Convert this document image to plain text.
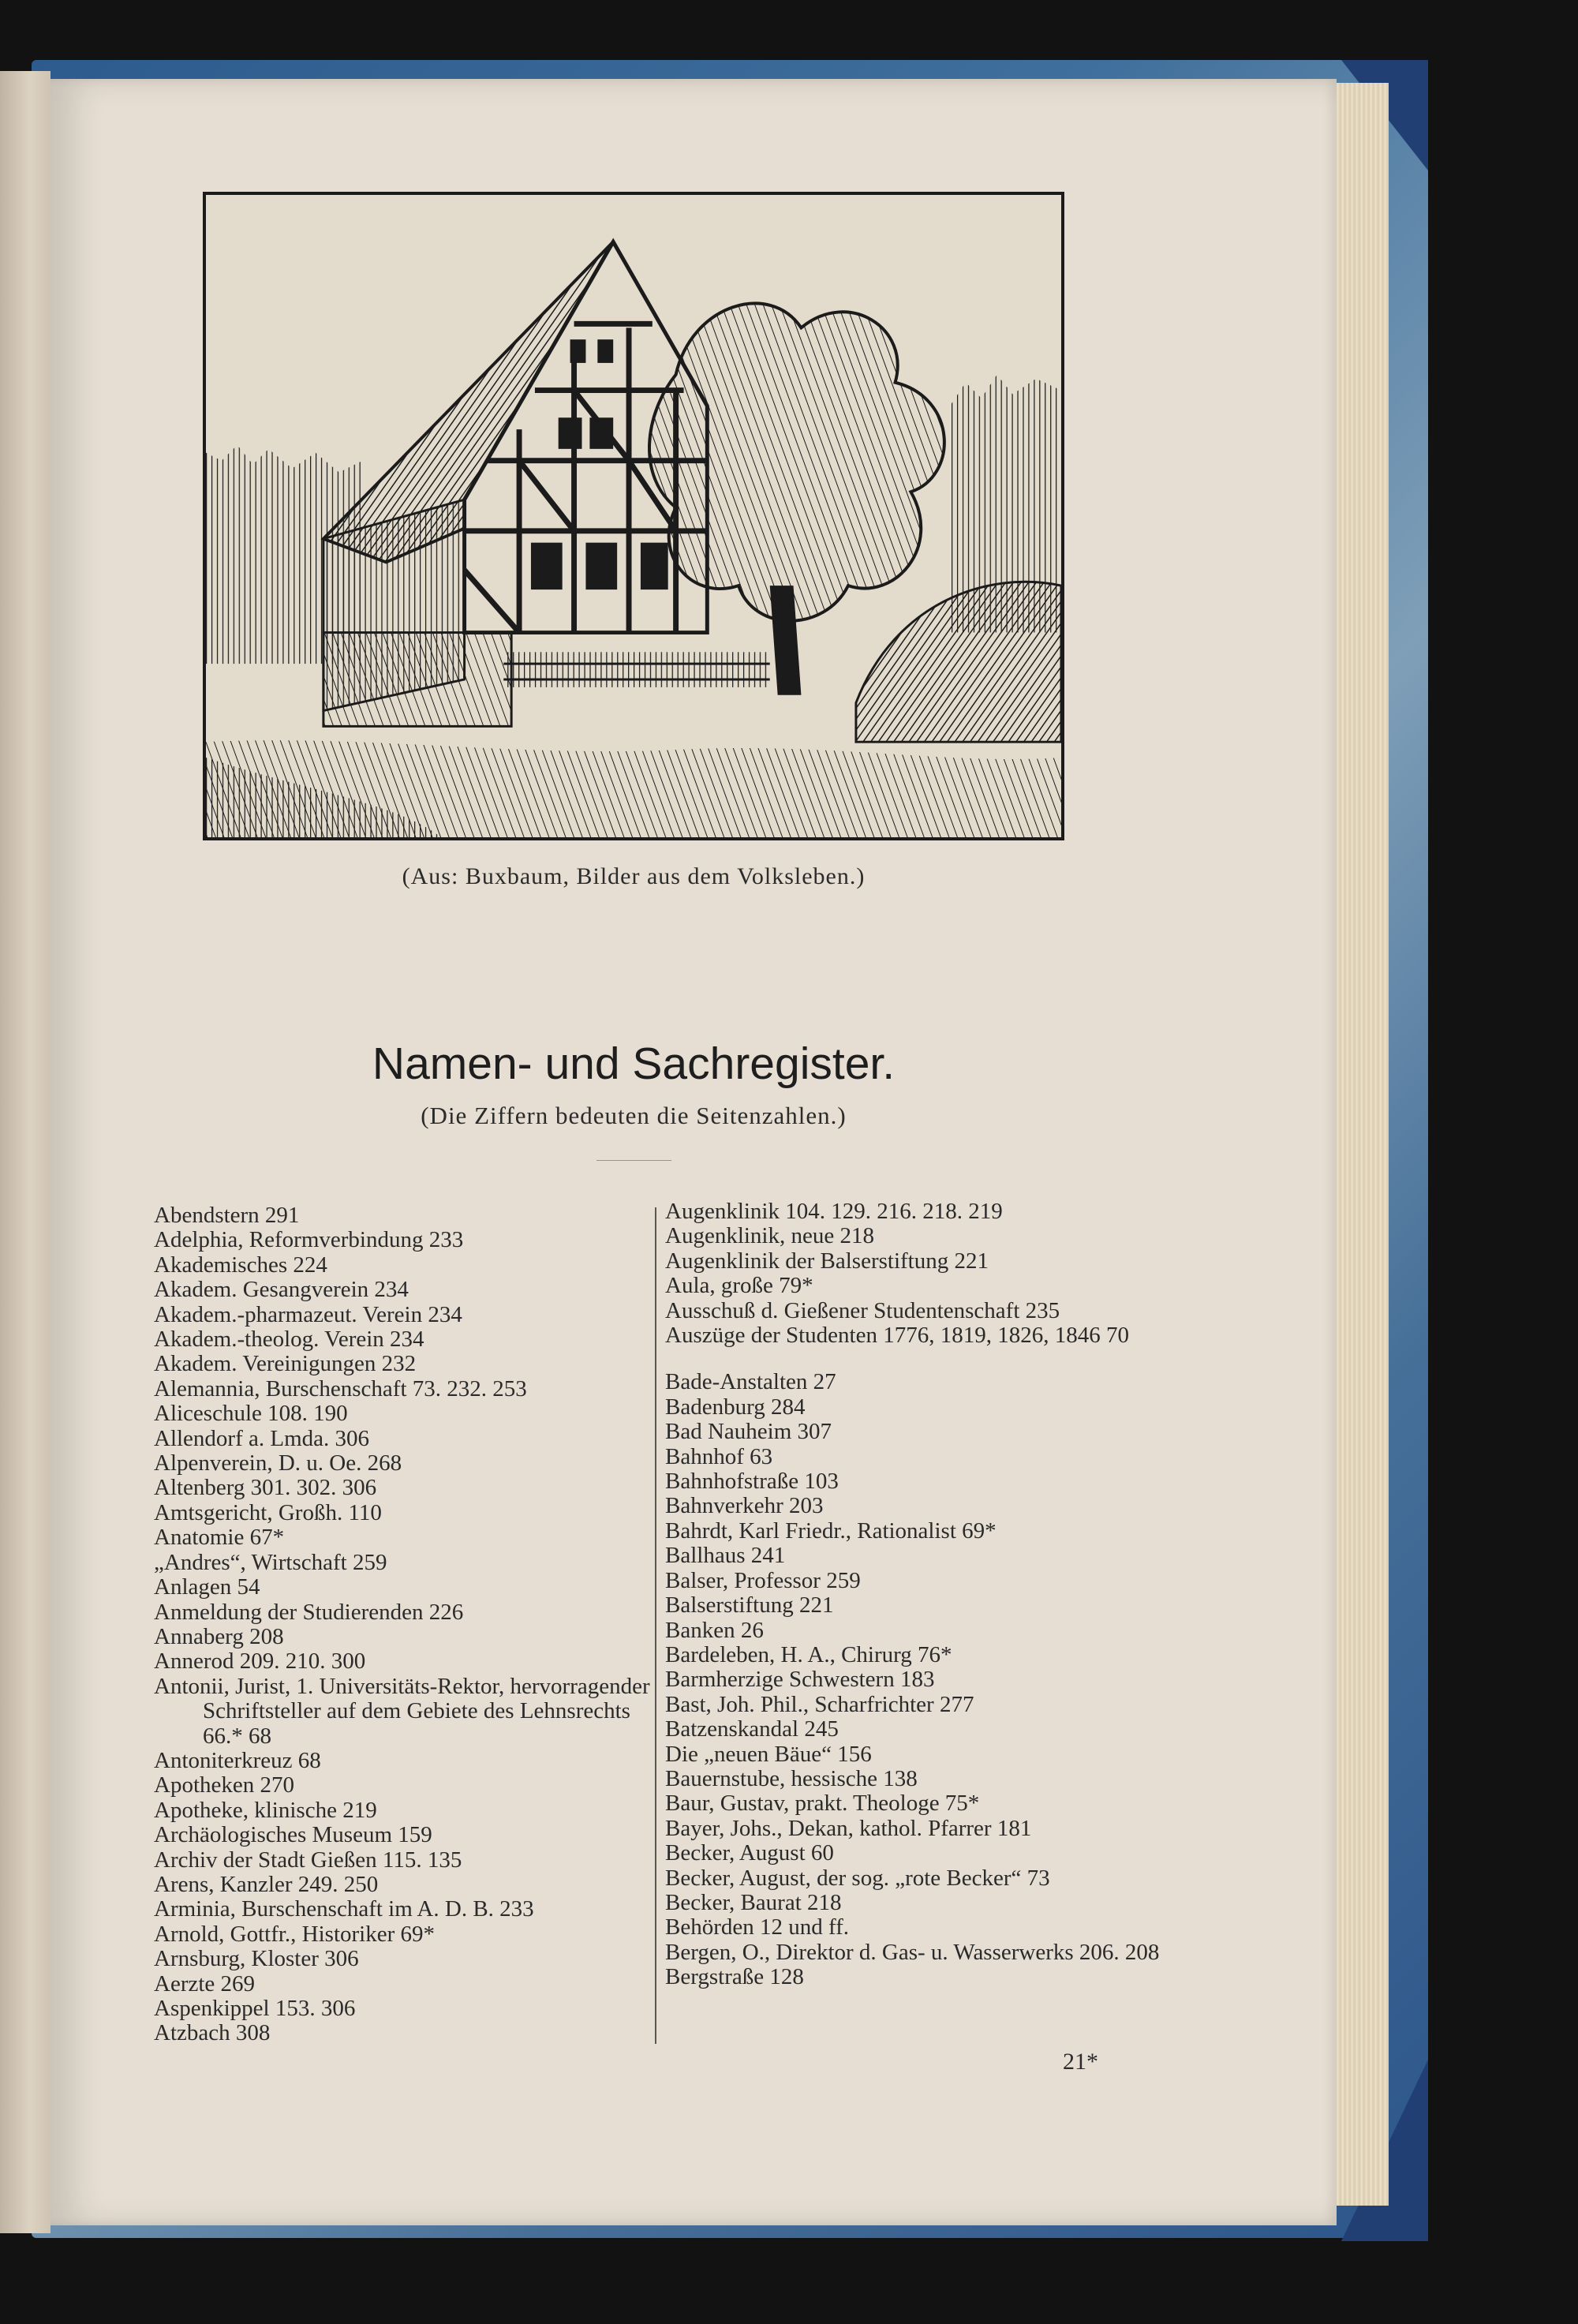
(Aus: Buxbaum, Bilder aus dem Volksleben.)
Namen- und Sachregister.
(Die Ziffern bedeuten die Seitenzahlen.)
Abendstern 291
Adelphia, Reformverbindung 233
Akademisches 224
Akadem. Gesangverein 234
Akadem.-pharmazeut. Verein 234
Akadem.-theolog. Verein 234
Akadem. Vereinigungen 232
Alemannia, Burschenschaft 73. 232. 253
Aliceschule 108. 190
Allendorf a. Lmda. 306
Alpenverein, D. u. Oe. 268
Altenberg 301. 302. 306
Amtsgericht, Großh. 110
Anatomie 67*
„Andres“, Wirtschaft 259
Anlagen 54
Anmeldung der Studierenden 226
Annaberg 208
Annerod 209. 210. 300
Antonii, Jurist, 1. Universitäts-Rektor, hervorragender Schriftsteller auf dem Gebiete des Lehnsrechts 66.* 68
Antoniterkreuz 68
Apotheken 270
Apotheke, klinische 219
Archäologisches Museum 159
Archiv der Stadt Gießen 115. 135
Arens, Kanzler 249. 250
Arminia, Burschenschaft im A. D. B. 233
Arnold, Gottfr., Historiker 69*
Arnsburg, Kloster 306
Aerzte 269
Aspenkippel 153. 306
Atzbach 308
Augenklinik 104. 129. 216. 218. 219
Augenklinik, neue 218
Augenklinik der Balserstiftung 221
Aula, große 79*
Ausschuß d. Gießener Studentenschaft 235
Auszüge der Studenten 1776, 1819, 1826, 1846 70
Bade-Anstalten 27
Badenburg 284
Bad Nauheim 307
Bahnhof 63
Bahnhofstraße 103
Bahnverkehr 203
Bahrdt, Karl Friedr., Rationalist 69*
Ballhaus 241
Balser, Professor 259
Balserstiftung 221
Banken 26
Bardeleben, H. A., Chirurg 76*
Barmherzige Schwestern 183
Bast, Joh. Phil., Scharfrichter 277
Batzenskandal 245
Die „neuen Bäue“ 156
Bauernstube, hessische 138
Baur, Gustav, prakt. Theologe 75*
Bayer, Johs., Dekan, kathol. Pfarrer 181
Becker, August 60
Becker, August, der sog. „rote Becker“ 73
Becker, Baurat 218
Behörden 12 und ff.
Bergen, O., Direktor d. Gas- u. Wasserwerks 206. 208
Bergstraße 128
21*
